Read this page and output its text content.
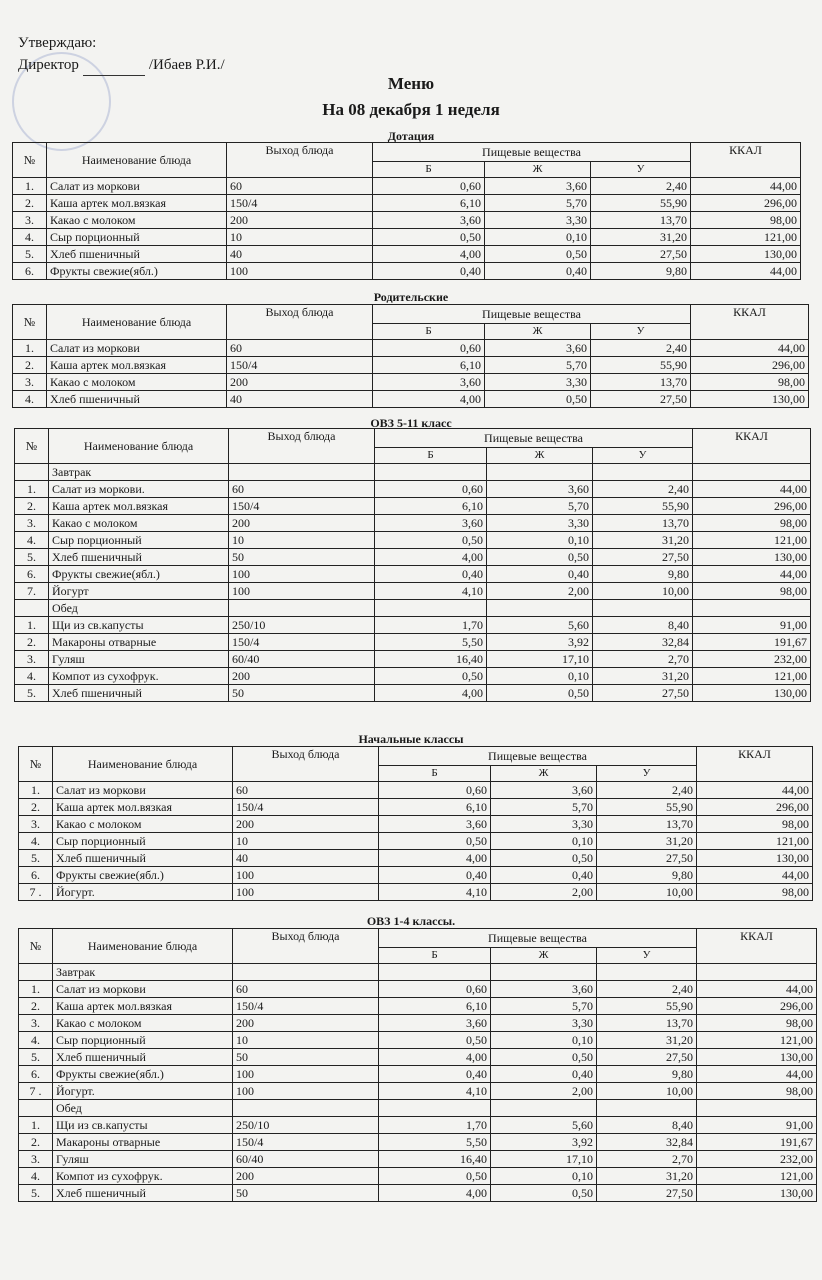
Утверждаю:
Директор	/Ибаев Р.И./
Меню
На 08 декабря 1 неделя
Дотация
№	Наименование блюда	Выход блюда	Пищевые вещества			ККАЛ
			Б	Ж	У	
1.	Салат из моркови	60	0,60	3,60	2,40	44,00
2.	Каша артек мол.вязкая	150/4	6,10	5,70	55,90	296,00
3.	Какао с молоком	200	3,60	3,30	13,70	98,00
4.	Сыр порционный	10	0,50	0,10	31,20	121,00
5.	Хлеб пшеничный	40	4,00	0,50	27,50	130,00
6.	Фрукты свежие(ябл.)	100	0,40	0,40	9,80	44,00
Родительские
№	Наименование блюда	Выход блюда	Пищевые вещества			ККАЛ
			Б	Ж	У	
1.	Салат из моркови	60	0,60	3,60	2,40	44,00
2.	Каша артек мол.вязкая	150/4	6,10	5,70	55,90	296,00
3.	Какао с молоком	200	3,60	3,30	13,70	98,00
4.	Хлеб пшеничный	40	4,00	0,50	27,50	130,00
ОВЗ 5-11 класс
№	Наименование блюда	Выход блюда	Пищевые вещества			ККАЛ
			Б	Ж	У	
	Завтрак					
1.	Салат из моркови.	60	0,60	3,60	2,40	44,00
2.	Каша артек мол.вязкая	150/4	6,10	5,70	55,90	296,00
3.	Какао с молоком	200	3,60	3,30	13,70	98,00
4.	Сыр порционный	10	0,50	0,10	31,20	121,00
5.	Хлеб пшеничный	50	4,00	0,50	27,50	130,00
6.	Фрукты свежие(ябл.)	100	0,40	0,40	9,80	44,00
7.	Йогурт	100	4,10	2,00	10,00	98,00
	Обед					
1.	Щи из св.капусты	250/10	1,70	5,60	8,40	91,00
2.	Макароны отварные	150/4	5,50	3,92	32,84	191,67
3.	Гуляш	60/40	16,40	17,10	2,70	232,00
4.	Компот из сухофрук.	200	0,50	0,10	31,20	121,00
5.	Хлеб пшеничный	50	4,00	0,50	27,50	130,00
Начальные классы
№	Наименование блюда	Выход блюда	Пищевые вещества			ККАЛ
			Б	Ж	У	
1.	Салат из моркови	60	0,60	3,60	2,40	44,00
2.	Каша артек мол.вязкая	150/4	6,10	5,70	55,90	296,00
3.	Какао с молоком	200	3,60	3,30	13,70	98,00
4.	Сыр порционный	10	0,50	0,10	31,20	121,00
5.	Хлеб пшеничный	40	4,00	0,50	27,50	130,00
6.	Фрукты свежие(ябл.)	100	0,40	0,40	9,80	44,00
7 .	Йогурт.	100	4,10	2,00	10,00	98,00
ОВЗ 1-4 классы.
№	Наименование блюда	Выход блюда	Пищевые вещества			ККАЛ
			Б	Ж	У	
	Завтрак					
1.	Салат из моркови	60	0,60	3,60	2,40	44,00
2.	Каша артек мол.вязкая	150/4	6,10	5,70	55,90	296,00
3.	Какао с молоком	200	3,60	3,30	13,70	98,00
4.	Сыр порционный	10	0,50	0,10	31,20	121,00
5.	Хлеб пшеничный	50	4,00	0,50	27,50	130,00
6.	Фрукты свежие(ябл.)	100	0,40	0,40	9,80	44,00
7 .	Йогурт.	100	4,10	2,00	10,00	98,00
	Обед					
1.	Щи из св.капусты	250/10	1,70	5,60	8,40	91,00
2.	Макароны отварные	150/4	5,50	3,92	32,84	191,67
3.	Гуляш	60/40	16,40	17,10	2,70	232,00
4.	Компот из сухофрук.	200	0,50	0,10	31,20	121,00
5.	Хлеб пшеничный	50	4,00	0,50	27,50	130,00
